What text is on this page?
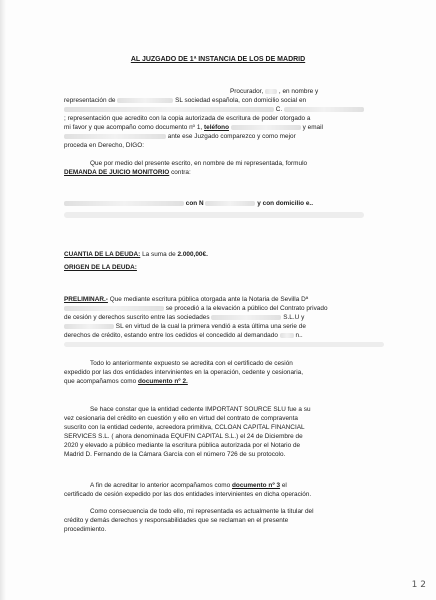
AL JUZGADO DE 1ª INSTANCIA DE LOS DE MADRID
Procurador, , en nombre y
representación de	SL sociedad española, con domicilio social en
C.
; representación que acredito con la copia autorizada de escritura de poder otorgado a
mi favor y que acompaño como documento nº 1, teléfono	y email
ante ese Juzgado comparezco y como mejor
proceda en Derecho, DIGO:
Que por medio del presente escrito, en nombre de mi representada, formulo
DEMANDA DE JUICIO MONITORIO contra:
con N	y con domicilio e..
CUANTIA DE LA DEUDA: La suma de 2.000,00€.
ORIGEN DE LA DEUDA:
PRELIMINAR.- Que mediante escritura pública otorgada ante la Notaria de Sevilla Dª
se procedió a la elevación a público del Contrato privado
de cesión y derechos suscrito entre las sociedades	S.L.U y
SL en virtud de la cual la primera vendió a esta última una serie de
derechos de crédito, estando entre los cedidos el concedido al demandado	n..
Todo lo anteriormente expuesto se acredita con el certificado de cesión
expedido por las dos entidades intervinientes en la operación, cedente y cesionaria,
que acompañamos como documento nº 2.
Se hace constar que la entidad cedente IMPORTANT SOURCE SLU fue a su
vez cesionaria del crédito en cuestión y ello en virtud del contrato de compraventa
suscrito con la entidad cedente, acreedora primitiva, CCLOAN CAPITAL FINANCIAL
SERVICES S.L. ( ahora denominada EQUFIN CAPITAL S.L.) el 24 de Diciembre de
2020 y elevado a público mediante la escritura pública autorizada por el Notario de
Madrid D. Fernando de la Cámara García con el número 726 de su protocolo.
A fin de acreditar lo anterior acompañamos como documento nº 3 el
certificado de cesión expedido por las dos entidades intervinientes en dicha operación.
Como consecuencia de todo ello, mi representada es actualmente la titular del
crédito y demás derechos y responsabilidades que se reclaman en el presente
procedimiento.
1 2
